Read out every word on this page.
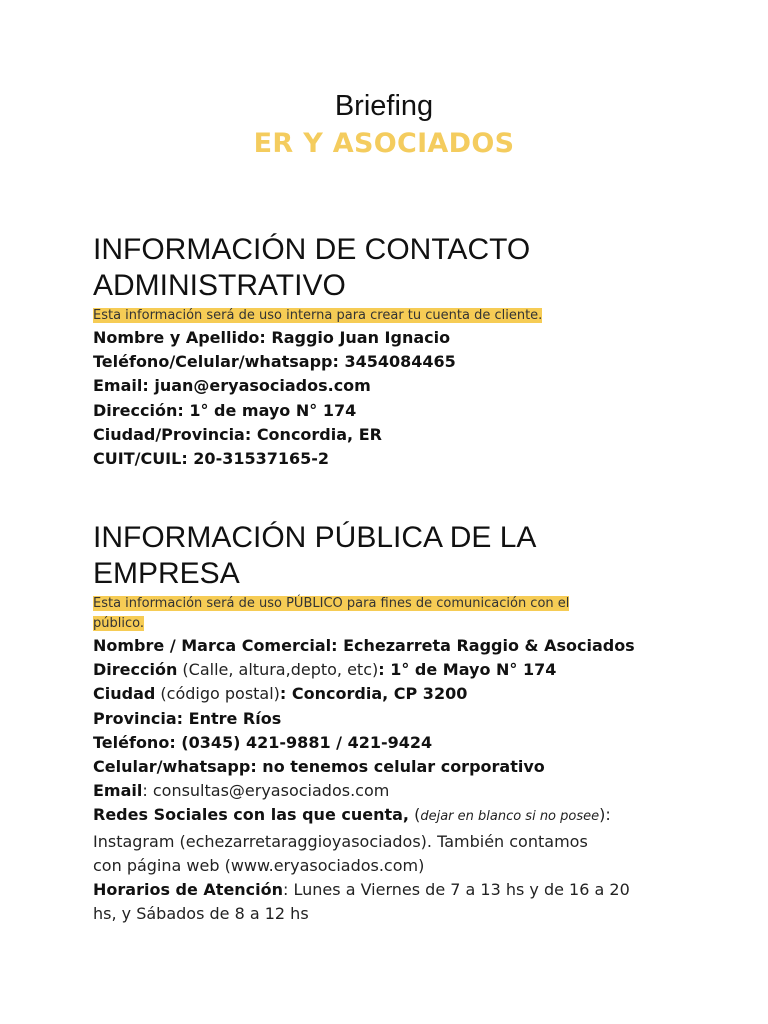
Briefing
ER Y ASOCIADOS
INFORMACIÓN DE CONTACTO
ADMINISTRATIVO
Esta información será de uso interna para crear tu cuenta de cliente.
Nombre y Apellido: Raggio Juan Ignacio
Teléfono/Celular/whatsapp: 3454084465
Email: juan@eryasociados.com
Dirección: 1° de mayo N° 174
Ciudad/Provincia: Concordia, ER
CUIT/CUIL: 20-31537165-2
INFORMACIÓN PÚBLICA DE LA
EMPRESA
Esta información será de uso PÚBLICO para fines de comunicación con el
público.
Nombre / Marca Comercial: Echezarreta Raggio & Asociados
Dirección (Calle, altura,depto, etc): 1° de Mayo N° 174
Ciudad (código postal): Concordia, CP 3200
Provincia: Entre Ríos
Teléfono: (0345) 421-9881 / 421-9424
Celular/whatsapp: no tenemos celular corporativo
Email: consultas@eryasociados.com
Redes Sociales con las que cuenta, (dejar en blanco si no posee):
Instagram (echezarretaraggioyasociados). También contamos
con página web (www.eryasociados.com)
Horarios de Atención: Lunes a Viernes de 7 a 13 hs y de 16 a 20
hs, y Sábados de 8 a 12 hs
